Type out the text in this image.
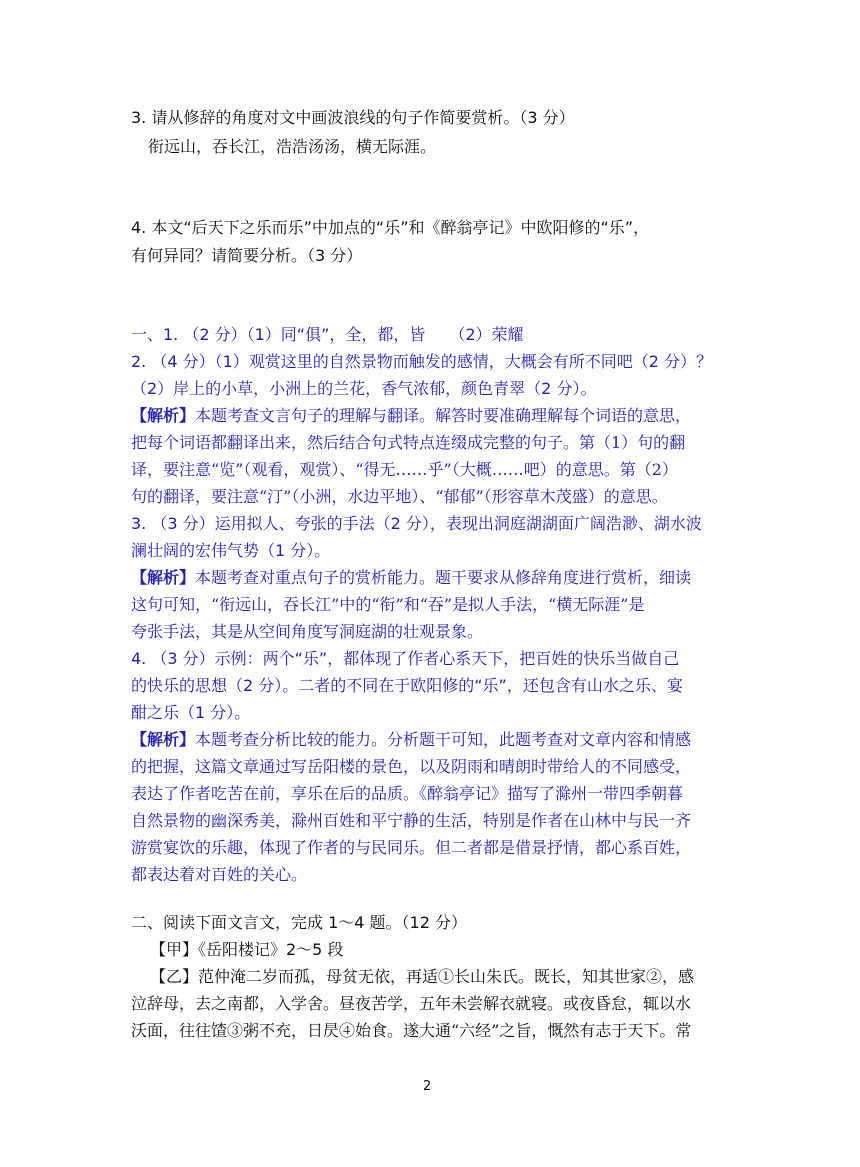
3. 请从修辞的角度对文中画波浪线的句子作简要赏析。（3 分）
衔远山，吞长江，浩浩汤汤，横无际涯。
4. 本文“后天下之乐而乐”中加点的“乐”和《醉翁亭记》中欧阳修的“乐”，
有何异同？请简要分析。（3 分）
一、1. （2 分）（1）同“俱”，全，都，皆　　（2）荣耀
2. （4 分）（1）观赏这里的自然景物而触发的感情，大概会有所不同吧（2 分）？
（2）岸上的小草，小洲上的兰花，香气浓郁，颜色青翠（2 分）。
【解析】本题考查文言句子的理解与翻译。解答时要准确理解每个词语的意思，
把每个词语都翻译出来，然后结合句式特点连缀成完整的句子。第（1）句的翻
译，要注意“览”（观看，观赏）、“得无……乎”（大概……吧）的意思。第（2）
句的翻译，要注意“汀”（小洲，水边平地）、“郁郁”（形容草木茂盛）的意思。
3. （3 分）运用拟人、夸张的手法（2 分），表现出洞庭湖湖面广阔浩渺、湖水波
澜壮阔的宏伟气势（1 分）。
【解析】本题考查对重点句子的赏析能力。题干要求从修辞角度进行赏析，细读
这句可知，“衔远山，吞长江”中的“衔”和“吞”是拟人手法，“横无际涯”是
夸张手法，其是从空间角度写洞庭湖的壮观景象。
4. （3 分）示例：两个“乐”，都体现了作者心系天下，把百姓的快乐当做自己
的快乐的思想（2 分）。二者的不同在于欧阳修的“乐”，还包含有山水之乐、宴
酣之乐（1 分）。
【解析】本题考查分析比较的能力。分析题干可知，此题考查对文章内容和情感
的把握，这篇文章通过写岳阳楼的景色，以及阴雨和晴朗时带给人的不同感受，
表达了作者吃苦在前，享乐在后的品质。《醉翁亭记》描写了滁州一带四季朝暮
自然景物的幽深秀美，滁州百姓和平宁静的生活，特别是作者在山林中与民一齐
游赏宴饮的乐趣，体现了作者的与民同乐。但二者都是借景抒情，都心系百姓，
都表达着对百姓的关心。
二、阅读下面文言文，完成 1～4 题。（12 分）
【甲】《岳阳楼记》2～5 段
【乙】范仲淹二岁而孤，母贫无依，再适①长山朱氏。既长，知其世家②，感
泣辞母，去之南都，入学舍。昼夜苦学，五年未尝解衣就寝。或夜昏怠，辄以水
沃面，往往馇③粥不充，日昃④始食。遂大通“六经”之旨，慨然有志于天下。常
2
